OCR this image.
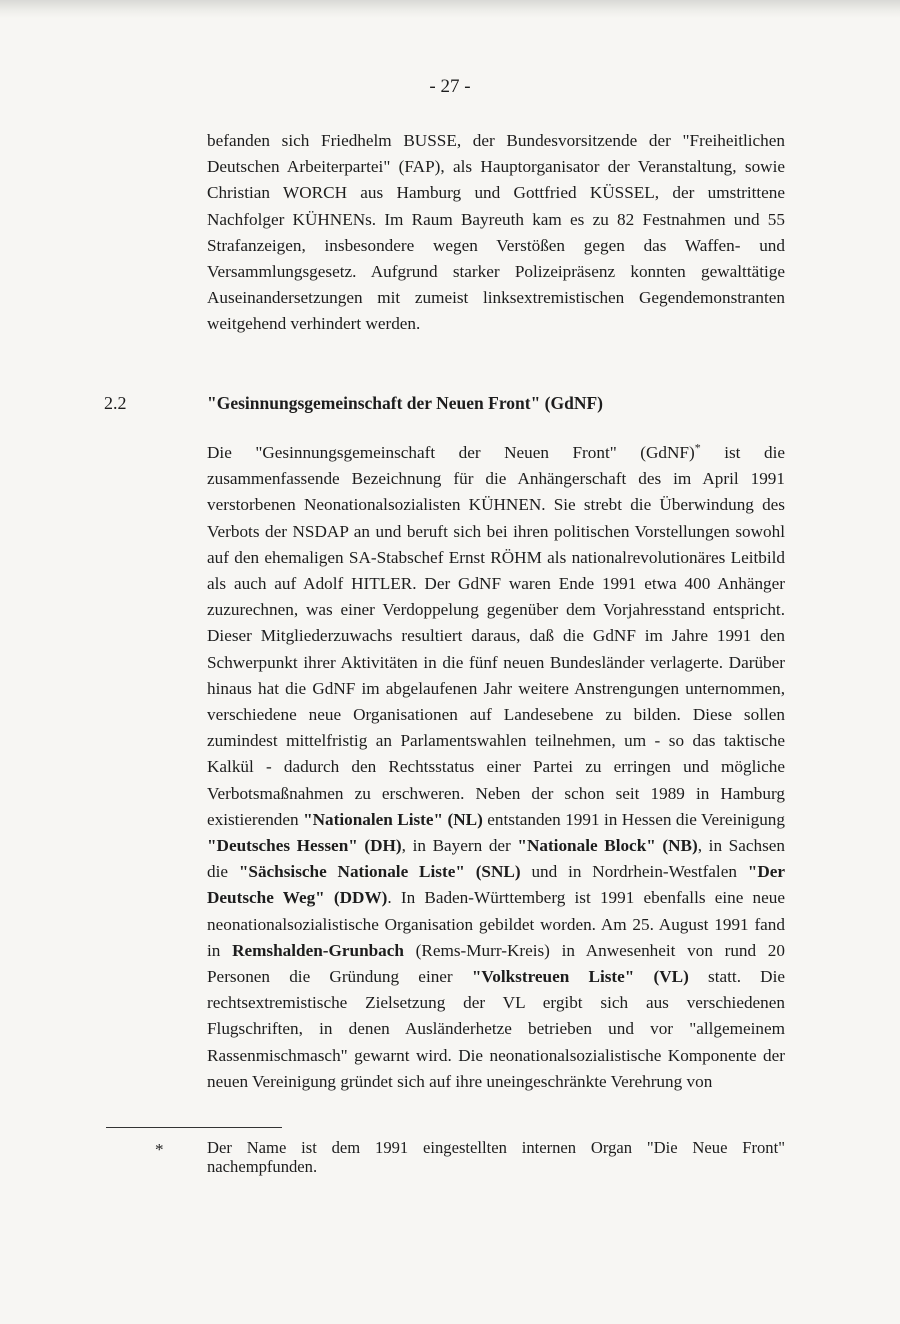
- 27 -

befanden sich Friedhelm BUSSE, der Bundesvorsitzende der "Freiheitlichen Deutschen Arbeiterpartei" (FAP), als Hauptorganisator der Veranstaltung, sowie Christian WORCH aus Hamburg und Gottfried KÜSSEL, der umstrittene Nachfolger KÜHNENs. Im Raum Bayreuth kam es zu 82 Festnahmen und 55 Strafanzeigen, insbesondere wegen Verstößen gegen das Waffen- und Versammlungsgesetz. Aufgrund starker Polizeipräsenz konnten gewalttätige Auseinandersetzungen mit zumeist linksextremistischen Gegendemonstranten weitgehend verhindert werden.

2.2	"Gesinnungsgemeinschaft der Neuen Front" (GdNF)

Die "Gesinnungsgemeinschaft der Neuen Front" (GdNF)* ist die zusammenfassende Bezeichnung für die Anhängerschaft des im April 1991 verstorbenen Neonationalsozialisten KÜHNEN. Sie strebt die Überwindung des Verbots der NSDAP an und beruft sich bei ihren politischen Vorstellungen sowohl auf den ehemaligen SA-Stabschef Ernst RÖHM als nationalrevolutionäres Leitbild als auch auf Adolf HITLER. Der GdNF waren Ende 1991 etwa 400 Anhänger zuzurechnen, was einer Verdoppelung gegenüber dem Vorjahresstand entspricht. Dieser Mitgliederzuwachs resultiert daraus, daß die GdNF im Jahre 1991 den Schwerpunkt ihrer Aktivitäten in die fünf neuen Bundesländer verlagerte. Darüber hinaus hat die GdNF im abgelaufenen Jahr weitere Anstrengungen unternommen, verschiedene neue Organisationen auf Landesebene zu bilden. Diese sollen zumindest mittelfristig an Parlamentswahlen teilnehmen, um - so das taktische Kalkül - dadurch den Rechtsstatus einer Partei zu erringen und mögliche Verbotsmaßnahmen zu erschweren. Neben der schon seit 1989 in Hamburg existierenden "Nationalen Liste" (NL) entstanden 1991 in Hessen die Vereinigung "Deutsches Hessen" (DH), in Bayern der "Nationale Block" (NB), in Sachsen die "Sächsische Nationale Liste" (SNL) und in Nordrhein-Westfalen "Der Deutsche Weg" (DDW). In Baden-Württemberg ist 1991 ebenfalls eine neue neonationalsozialistische Organisation gebildet worden. Am 25. August 1991 fand in Remshalden-Grunbach (Rems-Murr-Kreis) in Anwesenheit von rund 20 Personen die Gründung einer "Volkstreuen Liste" (VL) statt. Die rechtsextremistische Zielsetzung der VL ergibt sich aus verschiedenen Flugschriften, in denen Ausländerhetze betrieben und vor "allgemeinem Rassenmischmasch" gewarnt wird. Die neonationalsozialistische Komponente der neuen Vereinigung gründet sich auf ihre uneingeschränkte Verehrung von

*	Der Name ist dem 1991 eingestellten internen Organ "Die Neue Front" nachempfunden.
